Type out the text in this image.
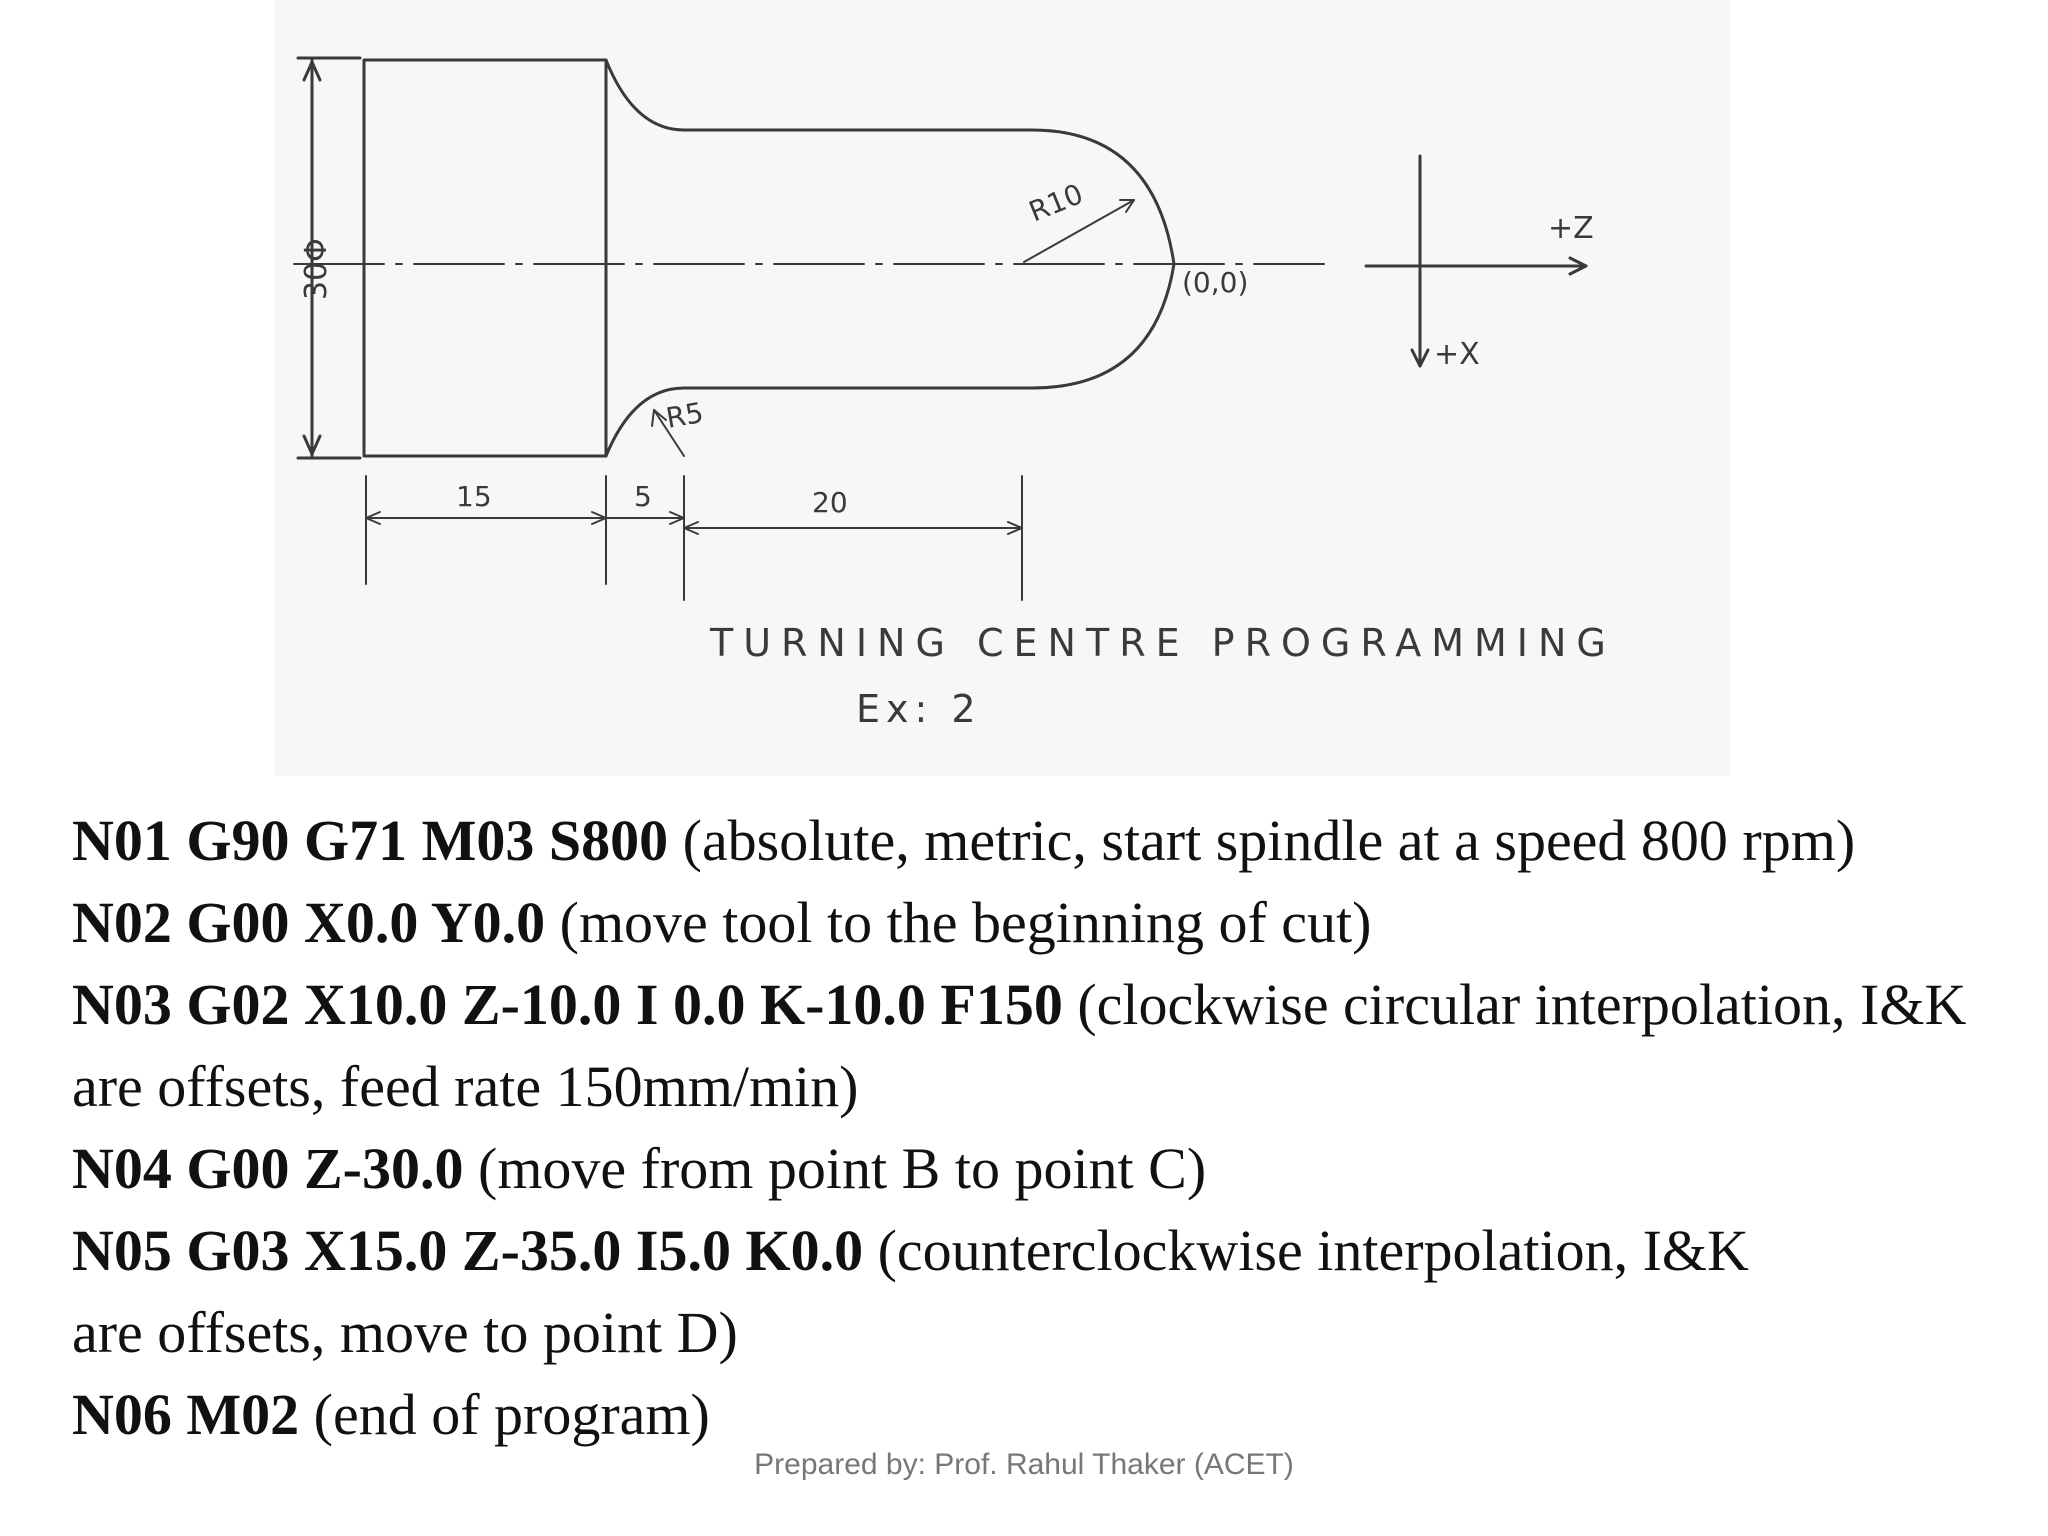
30Φ
R10
R5
(0,0)
+Z
+X
15	5	20
TURNING CENTRE PROGRAMMING
Ex: 2

N01 G90 G71 M03 S800 (absolute, metric, start spindle at a speed 800 rpm)

N02 G00 X0.0 Y0.0 (move tool to the beginning of cut)

N03 G02 X10.0 Z-10.0 I 0.0 K-10.0 F150 (clockwise circular interpolation, I&K are offsets, feed rate 150mm/min)

N04 G00 Z-30.0 (move from point B to point C)

N05 G03 X15.0 Z-35.0 I5.0 K0.0 (counterclockwise interpolation, I&K are offsets, move to point D)

N06 M02 (end of program)

Prepared by: Prof. Rahul Thaker (ACET)
